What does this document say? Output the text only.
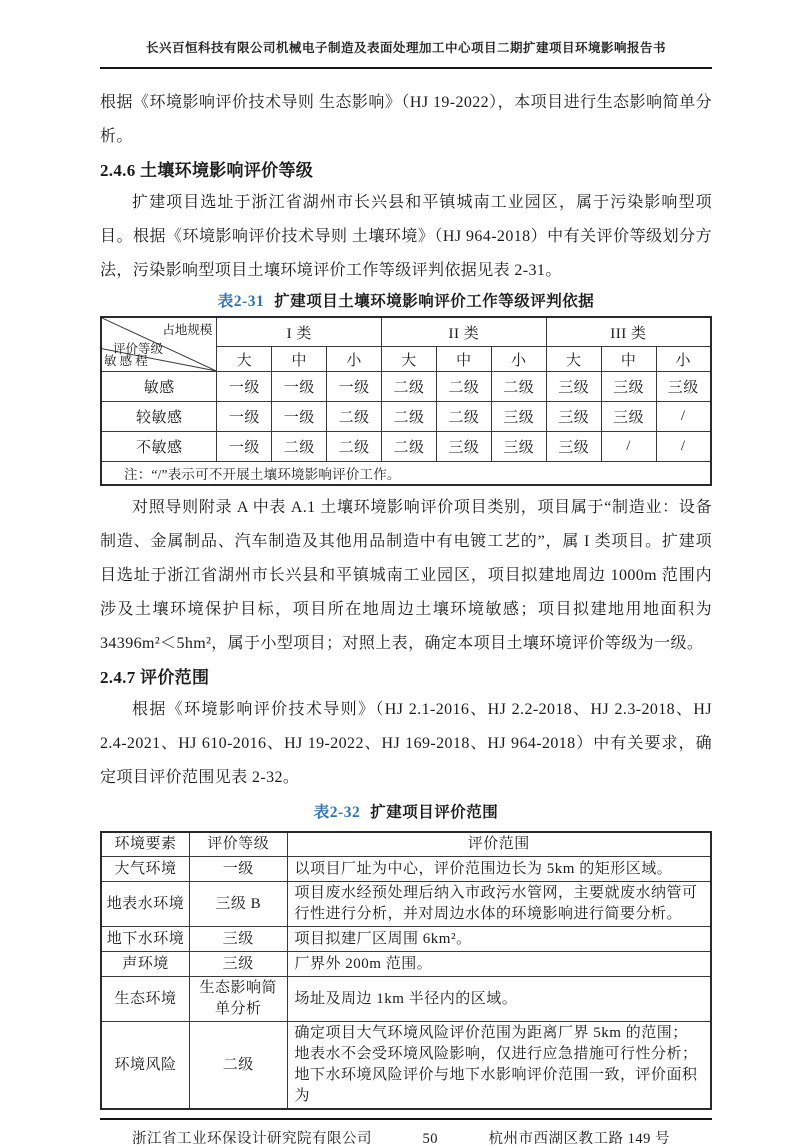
长兴百恒科技有限公司机械电子制造及表面处理加工中心项目二期扩建项目环境影响报告书

根据《环境影响评价技术导则 生态影响》（HJ 19-2022），本项目进行生态影响简单分析。

2.4.6 土壤环境影响评价等级

扩建项目选址于浙江省湖州市长兴县和平镇城南工业园区，属于污染影响型项目。根据《环境影响评价技术导则 土壤环境》（HJ 964-2018）中有关评价等级划分方法，污染影响型项目土壤环境评价工作等级评判依据见表 2-31。

表2-31 扩建项目土壤环境影响评价工作等级评判依据
占地规模
评价等级
敏 感 程	I 类			II 类			III 类		
	大	中	小	大	中	小	大	中	小
敏感	一级	一级	一级	二级	二级	二级	三级	三级	三级
较敏感	一级	一级	二级	二级	二级	三级	三级	三级	/
不敏感	一级	二级	二级	二级	三级	三级	三级	/	/
注：“/”表示可不开展土壤环境影响评价工作。									

对照导则附录 A 中表 A.1 土壤环境影响评价项目类别，项目属于“制造业：设备制造、金属制品、汽车制造及其他用品制造中有电镀工艺的”，属 I 类项目。扩建项目选址于浙江省湖州市长兴县和平镇城南工业园区，项目拟建地周边 1000m 范围内涉及土壤环境保护目标，项目所在地周边土壤环境敏感；项目拟建地用地面积为 34396m²＜5hm²，属于小型项目；对照上表，确定本项目土壤环境评价等级为一级。

2.4.7 评价范围

根据《环境影响评价技术导则》（HJ 2.1-2016、HJ 2.2-2018、HJ 2.3-2018、HJ 2.4-2021、HJ 610-2016、HJ 19-2022、HJ 169-2018、HJ 964-2018）中有关要求，确定项目评价范围见表 2-32。

表2-32 扩建项目评价范围
环境要素	评价等级	评价范围
大气环境	一级	以项目厂址为中心，评价范围边长为 5km 的矩形区域。
地表水环境	三级 B	项目废水经预处理后纳入市政污水管网，主要就废水纳管可行性进行分析，并对周边水体的环境影响进行简要分析。
地下水环境	三级	项目拟建厂区周围 6km²。
声环境	三级	厂界外 200m 范围。
生态环境	生态影响简单分析	场址及周边 1km 半径内的区域。
环境风险	二级	确定项目大气环境风险评价范围为距离厂界 5km 的范围；地表水不会受环境风险影响，仅进行应急措施可行性分析；地下水环境风险评价与地下水影响评价范围一致，评价面积为
浙江省工业环保设计研究院有限公司	50	杭州市西湖区教工路 149 号
